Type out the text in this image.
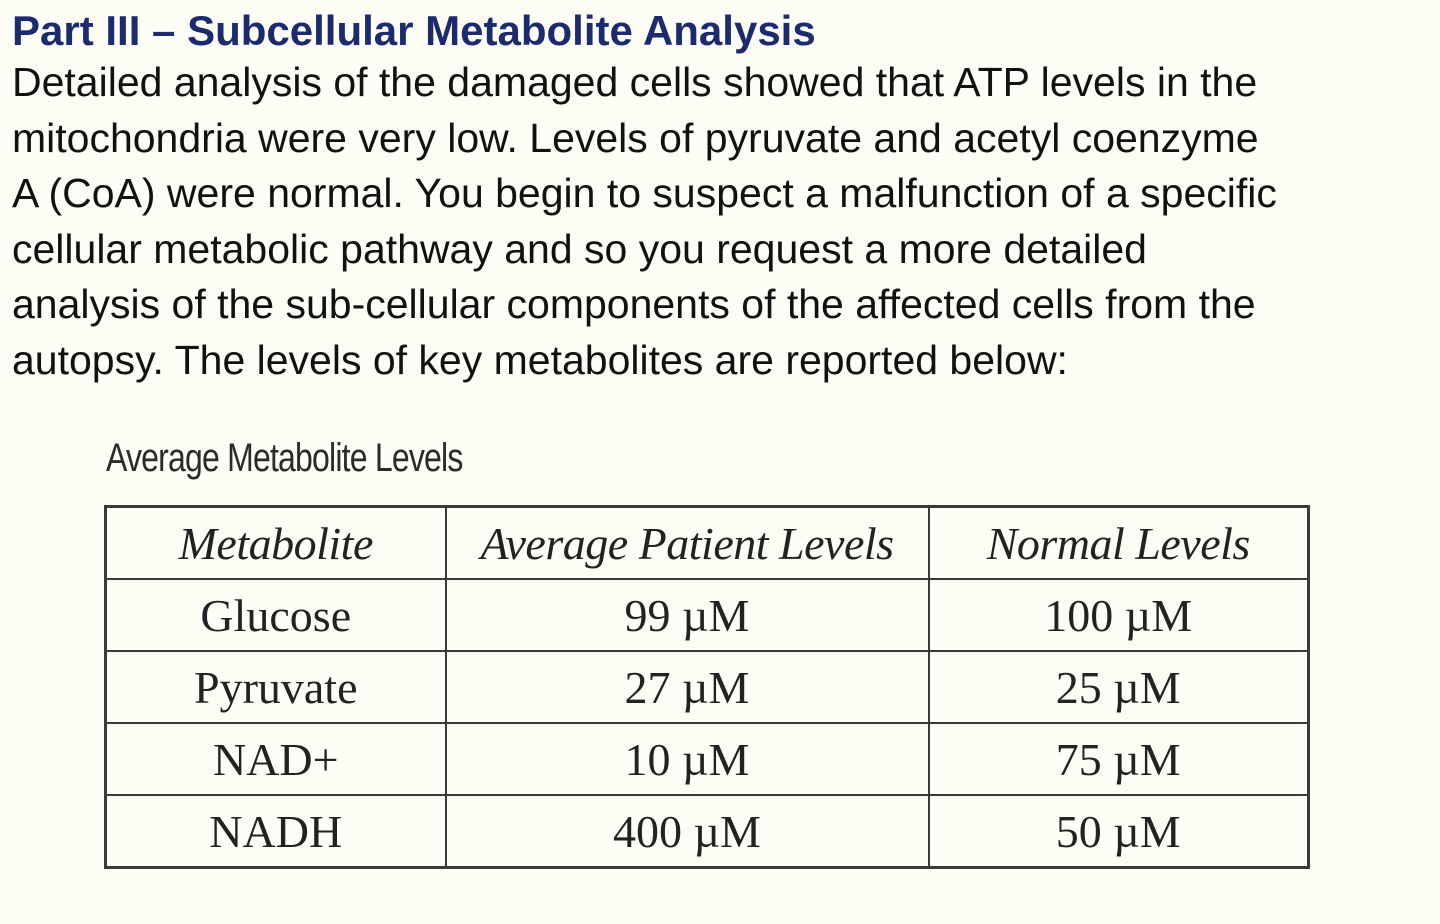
Part III – Subcellular Metabolite Analysis

Detailed analysis of the damaged cells showed that ATP levels in the
mitochondria were very low. Levels of pyruvate and acetyl coenzyme
A (CoA) were normal. You begin to suspect a malfunction of a specific
cellular metabolic pathway and so you request a more detailed
analysis of the sub-cellular components of the affected cells from the
autopsy. The levels of key metabolites are reported below:

Average Metabolite Levels
Metabolite	Average Patient Levels	Normal Levels
Glucose	99 µM	100 µM
Pyruvate	27 µM	25 µM
NAD+	10 µM	75 µM
NADH	400 µM	50 µM
